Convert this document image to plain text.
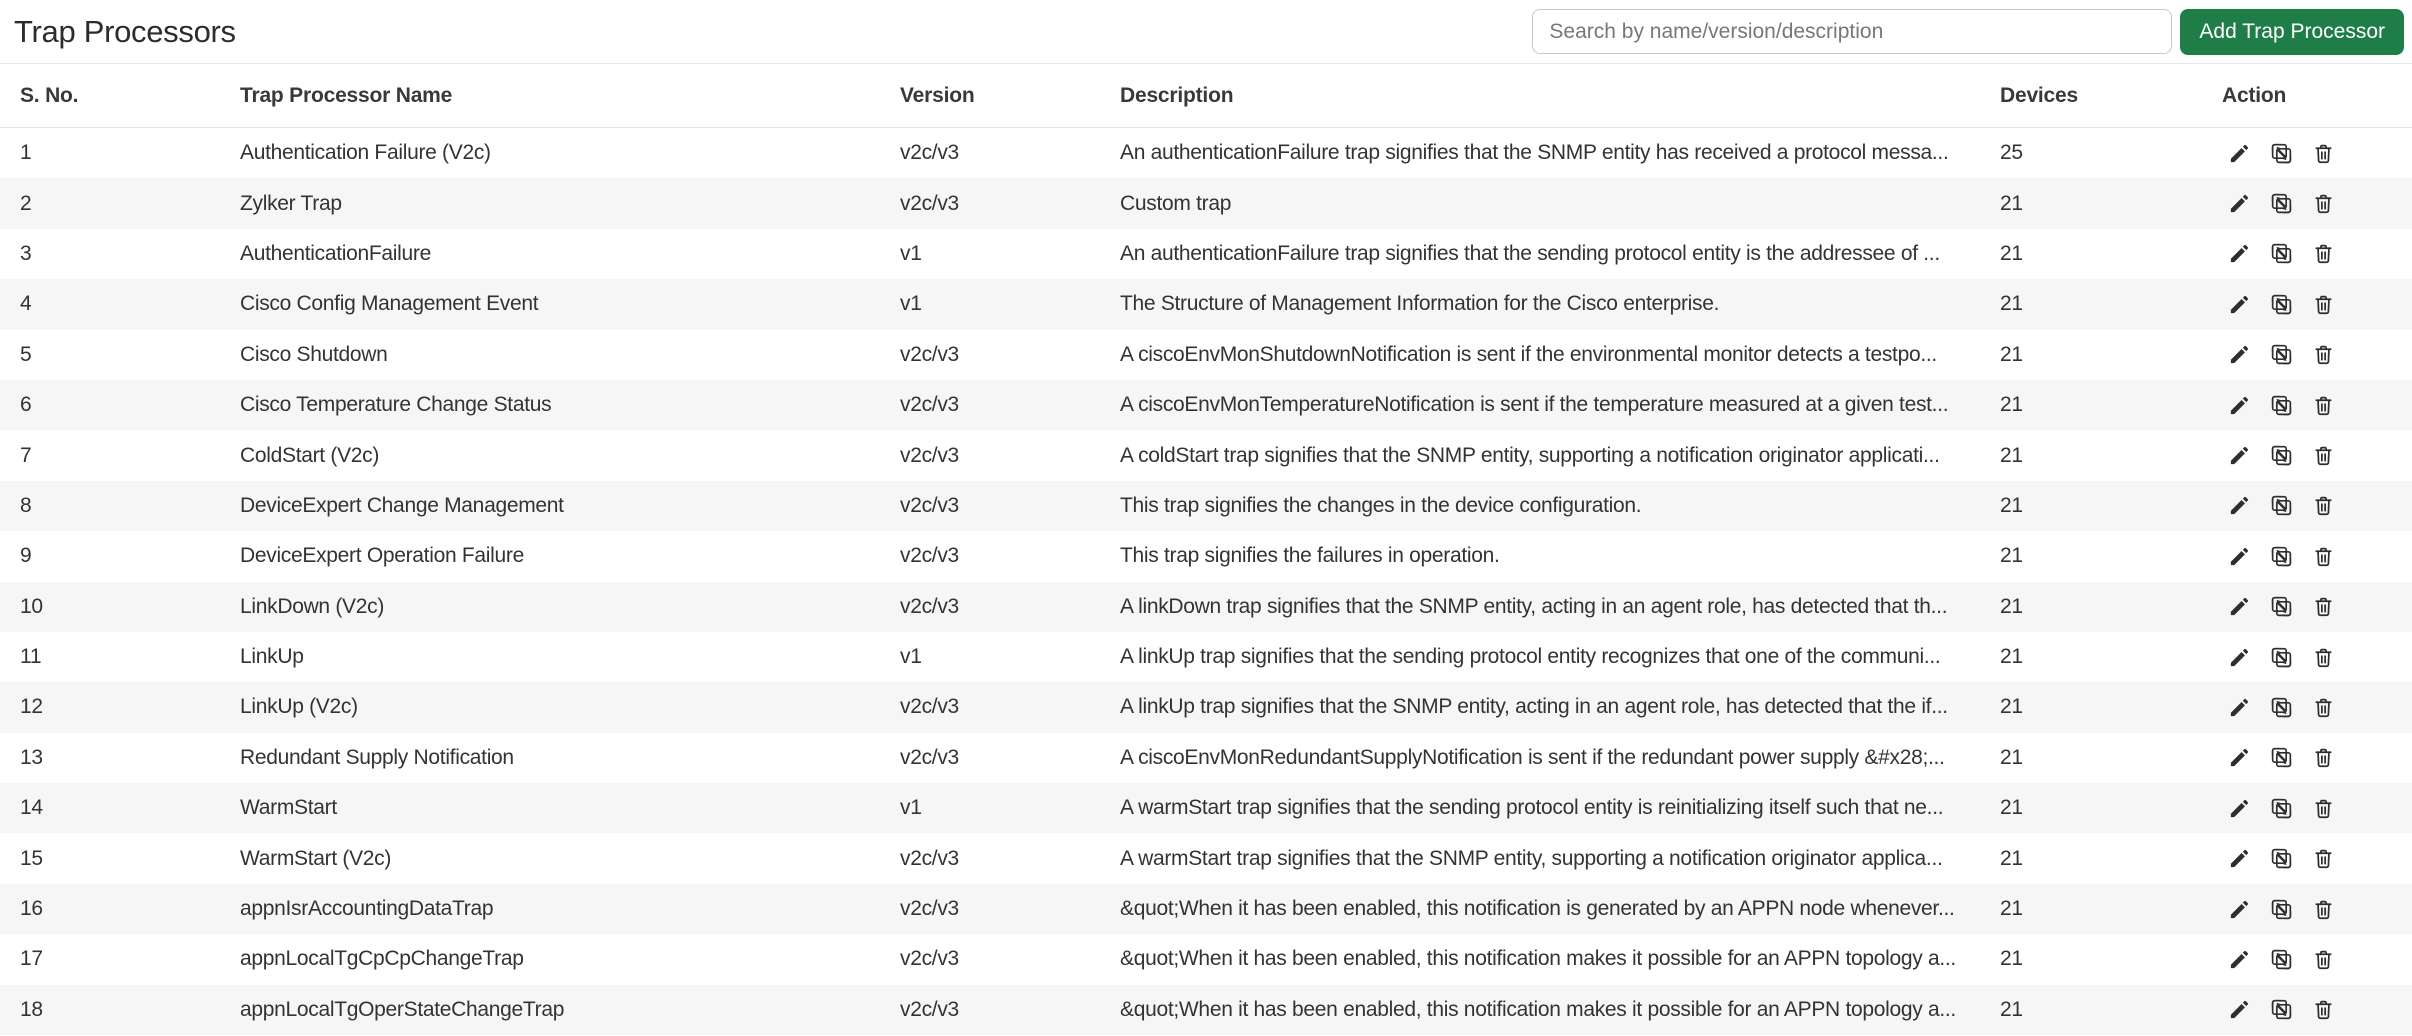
Trap Processors
Search by name/version/description	Add Trap Processor
S. No.	Trap Processor Name	Version	Description	Devices	Action
1	Authentication Failure (V2c)	v2c/v3	An authenticationFailure trap signifies that the SNMP entity has received a protocol messa...	25
2	Zylker Trap	v2c/v3	Custom trap	21
3	AuthenticationFailure	v1	An authenticationFailure trap signifies that the sending protocol entity is the addressee of ...	21
4	Cisco Config Management Event	v1	The Structure of Management Information for the Cisco enterprise.	21
5	Cisco Shutdown	v2c/v3	A ciscoEnvMonShutdownNotification is sent if the environmental monitor detects a testpo...	21
6	Cisco Temperature Change Status	v2c/v3	A ciscoEnvMonTemperatureNotification is sent if the temperature measured at a given test...	21
7	ColdStart (V2c)	v2c/v3	A coldStart trap signifies that the SNMP entity, supporting a notification originator applicati...	21
8	DeviceExpert Change Management	v2c/v3	This trap signifies the changes in the device configuration.	21
9	DeviceExpert Operation Failure	v2c/v3	This trap signifies the failures in operation.	21
10	LinkDown (V2c)	v2c/v3	A linkDown trap signifies that the SNMP entity, acting in an agent role, has detected that th...	21
11	LinkUp	v1	A linkUp trap signifies that the sending protocol entity recognizes that one of the communi...	21
12	LinkUp (V2c)	v2c/v3	A linkUp trap signifies that the SNMP entity, acting in an agent role, has detected that the if...	21
13	Redundant Supply Notification	v2c/v3	A ciscoEnvMonRedundantSupplyNotification is sent if the redundant power supply &#x28;...	21
14	WarmStart	v1	A warmStart trap signifies that the sending protocol entity is reinitializing itself such that ne...	21
15	WarmStart (V2c)	v2c/v3	A warmStart trap signifies that the SNMP entity, supporting a notification originator applica...	21
16	appnIsrAccountingDataTrap	v2c/v3	&quot;When it has been enabled, this notification is generated by an APPN node whenever...	21
17	appnLocalTgCpCpChangeTrap	v2c/v3	&quot;When it has been enabled, this notification makes it possible for an APPN topology a...	21
18	appnLocalTgOperStateChangeTrap	v2c/v3	&quot;When it has been enabled, this notification makes it possible for an APPN topology a...	21
